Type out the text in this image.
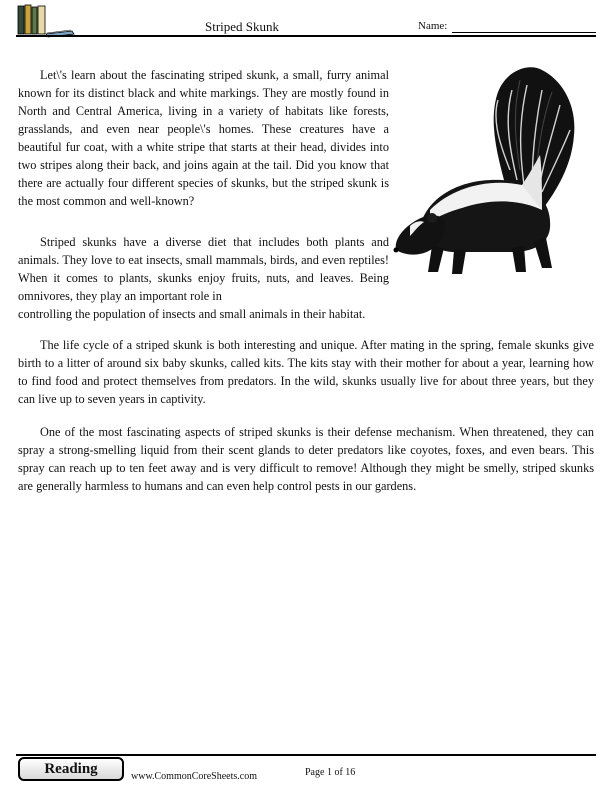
Striped Skunk	Name:

Let\'s learn about the fascinating striped skunk, a small, furry animal known for its distinct black and white markings. They are mostly found in North and Central America, living in a variety of habitats like forests, grasslands, and even near people\'s homes. These creatures have a beautiful fur coat, with a white stripe that starts at their head, divides into two stripes along their back, and joins again at the tail. Did you know that there are actually four different species of skunks, but the striped skunk is the most common and well-known?

Striped skunks have a diverse diet that includes both plants and animals. They love to eat insects, small mammals, birds, and even reptiles! When it comes to plants, skunks enjoy fruits, nuts, and leaves. Being omnivores, they play an important role in
controlling the population of insects and small animals in their habitat.

The life cycle of a striped skunk is both interesting and unique. After mating in the spring, female skunks give birth to a litter of around six baby skunks, called kits. The kits stay with their mother for about a year, learning how to find food and protect themselves from predators. In the wild, skunks usually live for about three years, but they can live up to seven years in captivity.

One of the most fascinating aspects of striped skunks is their defense mechanism. When threatened, they can spray a strong-smelling liquid from their scent glands to deter predators like coyotes, foxes, and even bears. This spray can reach up to ten feet away and is very difficult to remove! Although they might be smelly, striped skunks are generally harmless to humans and can even help control pests in our gardens.

Reading	www.CommonCoreSheets.com	Page 1 of 16
